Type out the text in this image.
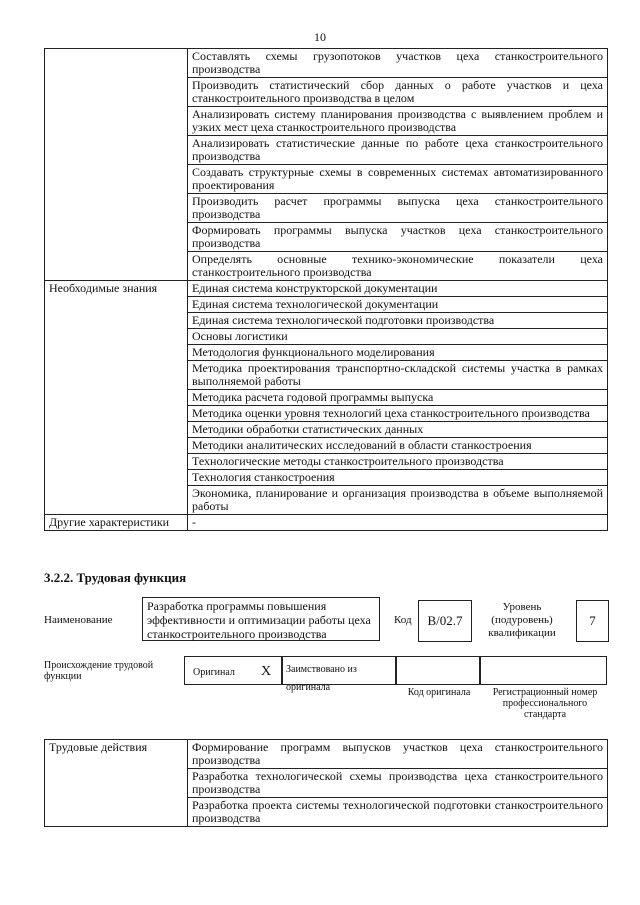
10
	Составлять схемы грузопотоков участков цеха станкостроительного производства
	Производить статистический сбор данных о работе участков и цеха станкостроительного производства в целом
	Анализировать систему планирования производства с выявлением проблем и узких мест цеха станкостроительного производства
	Анализировать статистические данные по работе цеха станкостроительного производства
	Создавать структурные схемы в современных системах автоматизированного проектирования
	Производить расчет программы выпуска цеха станкостроительного производства
	Формировать программы выпуска участков цеха станкостроительного производства
	Определять основные технико-экономические показатели цеха станкостроительного производства
Необходимые знания	Единая система конструкторской документации
	Единая система технологической документации
	Единая система технологической подготовки производства
	Основы логистики
	Методология функционального моделирования
	Методика проектирования транспортно-складской системы участка в рамках выполняемой работы
	Методика расчета годовой программы выпуска
	Методика оценки уровня технологий цеха станкостроительного производства
	Методики обработки статистических данных
	Методики аналитических исследований в области станкостроения
	Технологические методы станкостроительного производства
	Технология станкостроения
	Экономика, планирование и организация производства в объеме выполняемой работы
Другие характеристики	-
3.2.2. Трудовая функция
Наименование
Разработка программы повышения эффективности и оптимизации работы цеха станкостроительного производства
Код	B/02.7
Уровень (подуровень) квалификации
7
Происхождение трудовой функции	Оригинал X	Заимствовано из оригинала	Код оригинала	Регистрационный номер профессионального стандарта
Трудовые действия	Формирование программ выпусков участков цеха станкостроительного производства
Разработка технологической схемы производства цеха станкостроительного производства
Разработка проекта системы технологической подготовки станкостроительного производства
